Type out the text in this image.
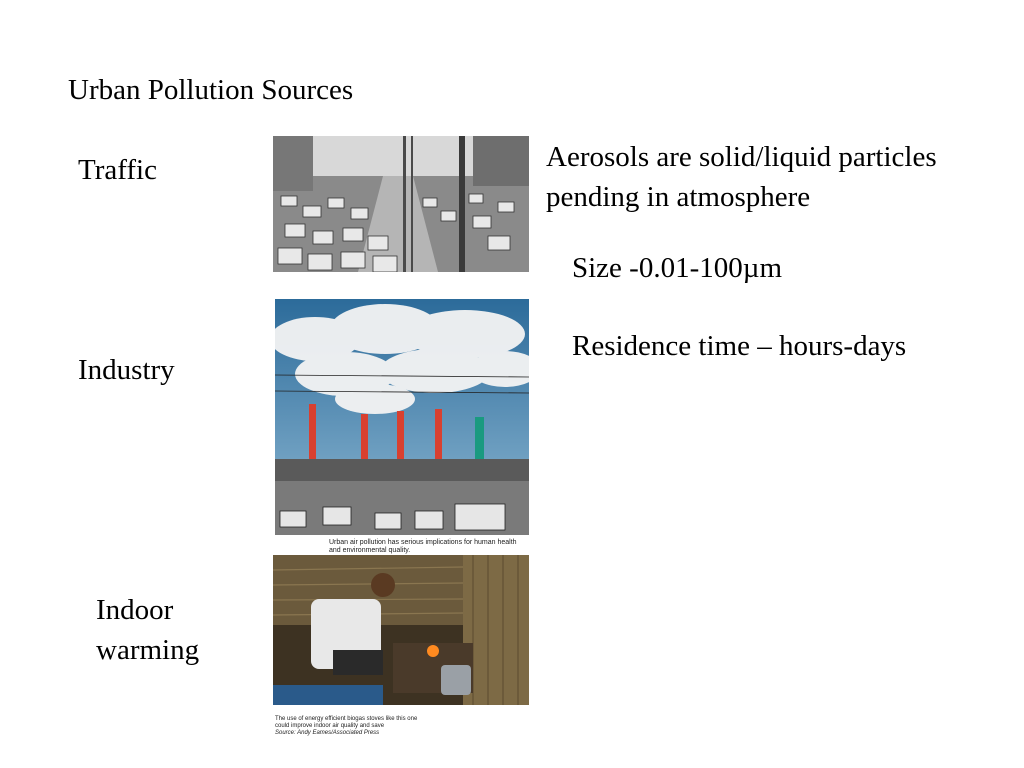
Urban Pollution Sources
Traffic
Industry
Indoor
warming
Aerosols are solid/liquid particles pending in atmosphere
Size -0.01-100µm
Residence time – hours-days
Urban air pollution has serious implications for human health and environmental quality.
The use of energy efficient biogas stoves like this one could improve indoor air quality and save
Source: Andy Eames/Associated Press
